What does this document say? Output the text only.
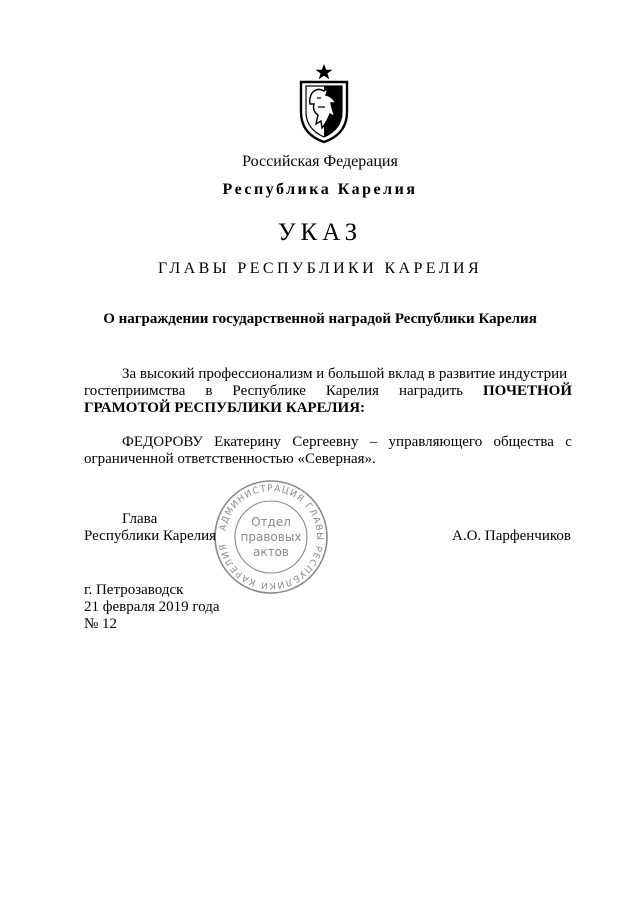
Российская Федерация
Республика Карелия
УКАЗ
ГЛАВЫ РЕСПУБЛИКИ КАРЕЛИЯ
О награждении государственной наградой Республики Карелия
За высокий профессионализм и большой вклад в развитие индустрии
гостеприимства в Республике Карелия наградить ПОЧЕТНОЙ
ГРАМОТОЙ РЕСПУБЛИКИ КАРЕЛИЯ:
ФЕДОРОВУ Екатерину Сергеевну – управляющего общества с
ограниченной ответственностью «Северная».
АДМИНИСТРАЦИЯ ГЛАВЫ РЕСПУБЛИКИ КАРЕЛИЯ
Отдел
правовых
актов
Глава
Республики Карелия	А.О. Парфенчиков
г. Петрозаводск
21 февраля 2019 года
№ 12
